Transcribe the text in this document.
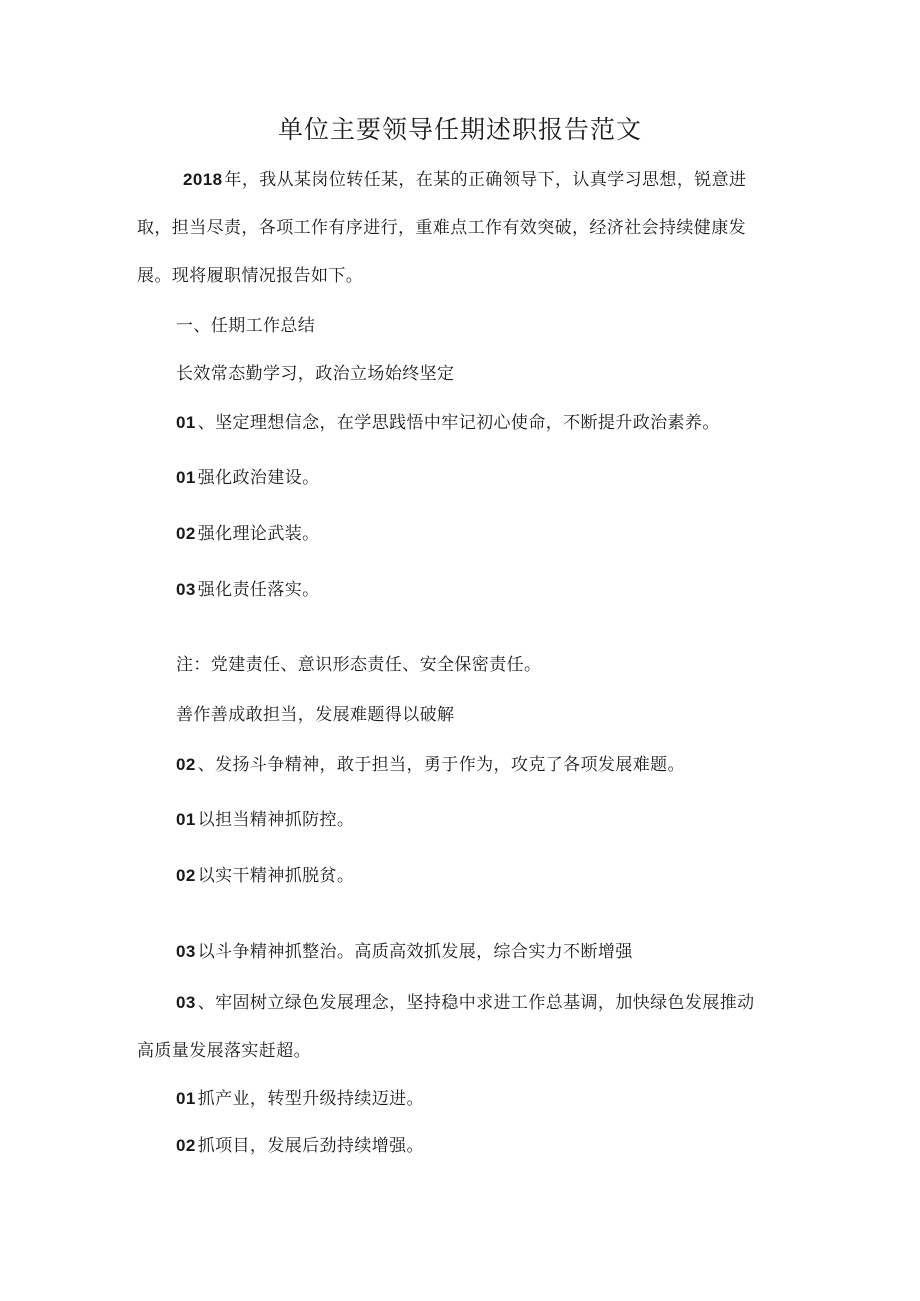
单位主要领导任期述职报告范文
2018 年，我从某岗位转任某，在某的正确领导下，认真学习思想，锐意进
取，担当尽责，各项工作有序进行，重难点工作有效突破，经济社会持续健康发
展。现将履职情况报告如下。
一、任期工作总结
长效常态勤学习，政治立场始终坚定
01 、坚定理想信念，在学思践悟中牢记初心使命，不断提升政治素养。
01 强化政治建设。
02 强化理论武装。
03 强化责任落实。
注：党建责任、意识形态责任、安全保密责任。
善作善成敢担当，发展难题得以破解
02 、发扬斗争精神，敢于担当，勇于作为，攻克了各项发展难题。
01 以担当精神抓防控。
02 以实干精神抓脱贫。
03 以斗争精神抓整治。高质高效抓发展，综合实力不断增强
03 、牢固树立绿色发展理念，坚持稳中求进工作总基调，加快绿色发展推动
高质量发展落实赶超。
01 抓产业，转型升级持续迈进。
02 抓项目，发展后劲持续增强。
